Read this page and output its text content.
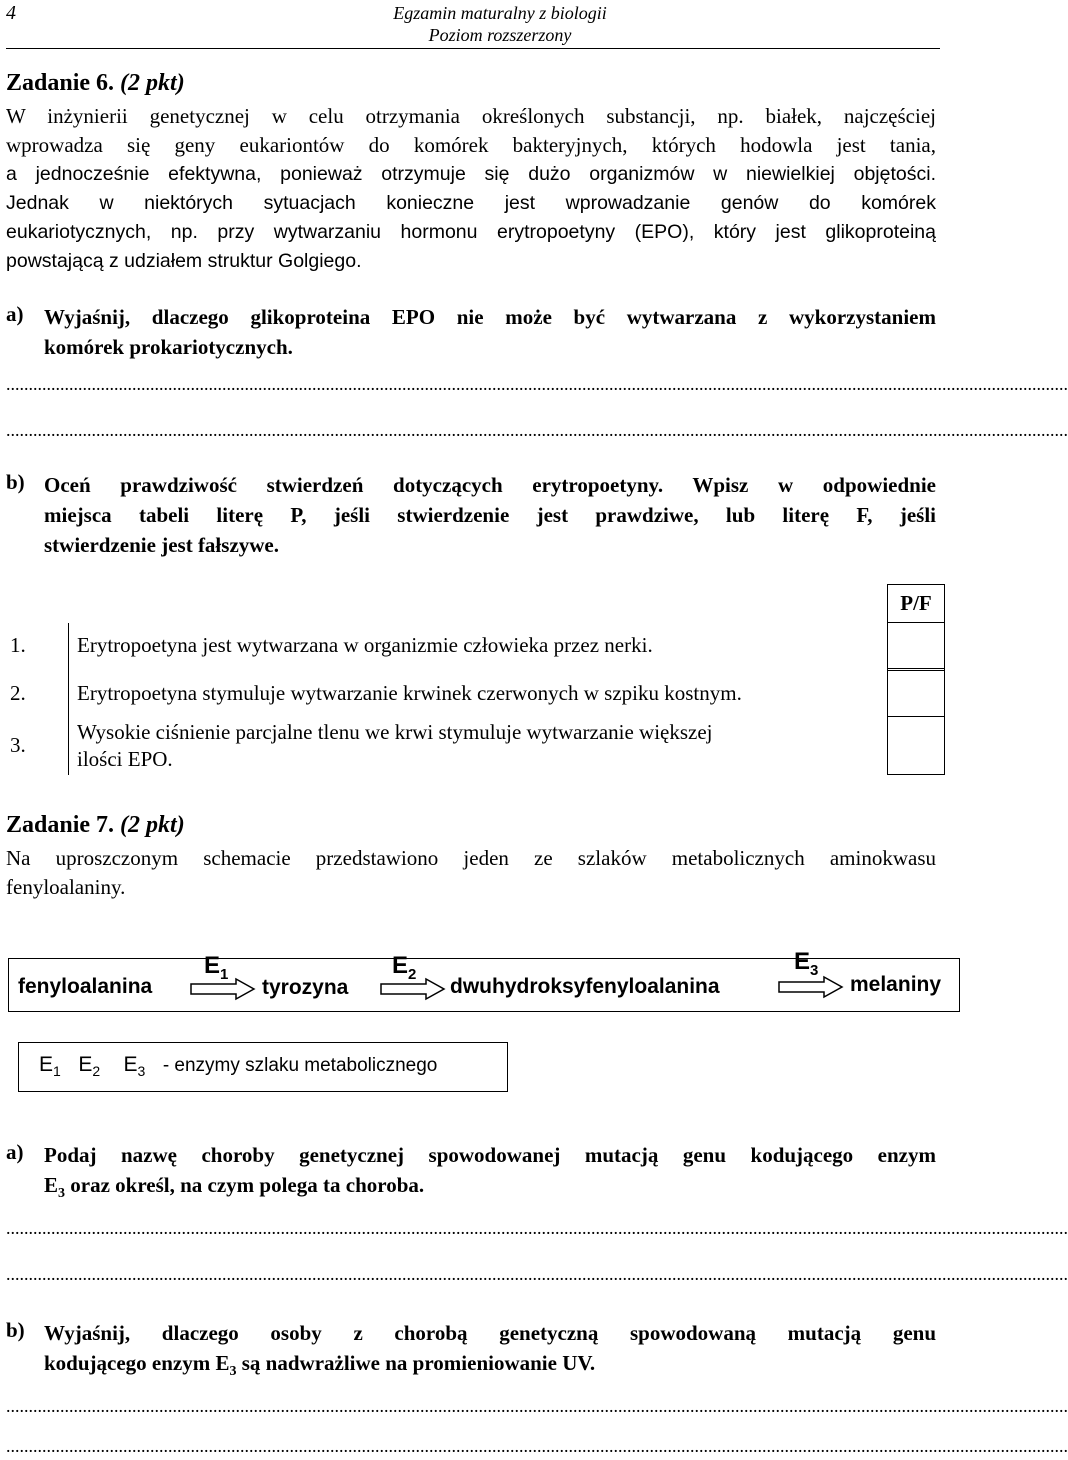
4	Egzamin maturalny z biologii
Poziom rozszerzony
Zadanie 6. (2 pkt)
W inżynierii genetycznej w celu otrzymania określonych substancji, np. białek, najczęściej
wprowadza się geny eukariontów do komórek bakteryjnych, których hodowla jest tania,
a jednocześnie efektywna, ponieważ otrzymuje się dużo organizmów w niewielkiej objętości.
Jednak w niektórych sytuacjach konieczne jest wprowadzanie genów do komórek
eukariotycznych, np. przy wytwarzaniu hormonu erytropoetyny (EPO), który jest glikoproteiną
powstającą z udziałem struktur Golgiego.
a) Wyjaśnij, dlaczego glikoproteina EPO nie może być wytwarzana z wykorzystaniem
komórek prokariotycznych.
............................................................................................................................................................................................................................................
............................................................................................................................................................................................................................................
b) Oceń prawdziwość stwierdzeń dotyczących erytropoetyny. Wpisz w odpowiednie
miejsca tabeli literę P, jeśli stwierdzenie jest prawdziwe, lub literę F, jeśli
stwierdzenie jest fałszywe.
		P/F
1.	Erytropoetyna jest wytwarzana w organizmie człowieka przez nerki.	

2.	Erytropoetyna stymuluje wytwarzanie krwinek czerwonych w szpiku kostnym.	
3.	Wysokie ciśnienie parcjalne tlenu we krwi stymuluje wytwarzanie większej
ilości EPO.	

Zadanie 7. (2 pkt)
Na uproszczonym schemacie przedstawiono jeden ze szlaków metabolicznych aminokwasu
fenyloalaniny.
fenyloalanina
$E_1$
tyrozyna
$E_2$
dwuhydroksyfenyloalanina
$E_3$
melaniny
$E_1$ $E_2$ $E_3$ - enzymy szlaku metabolicznego
a) Podaj nazwę choroby genetycznej spowodowanej mutacją genu kodującego enzym
$E_3$ oraz określ, na czym polega ta choroba.
............................................................................................................................................................................................................................................
............................................................................................................................................................................................................................................
b) Wyjaśnij, dlaczego osoby z chorobą genetyczną spowodowaną mutacją genu
kodującego enzym $E_3$ są nadwrażliwe na promieniowanie UV.
............................................................................................................................................................................................................................................
............................................................................................................................................................................................................................................
